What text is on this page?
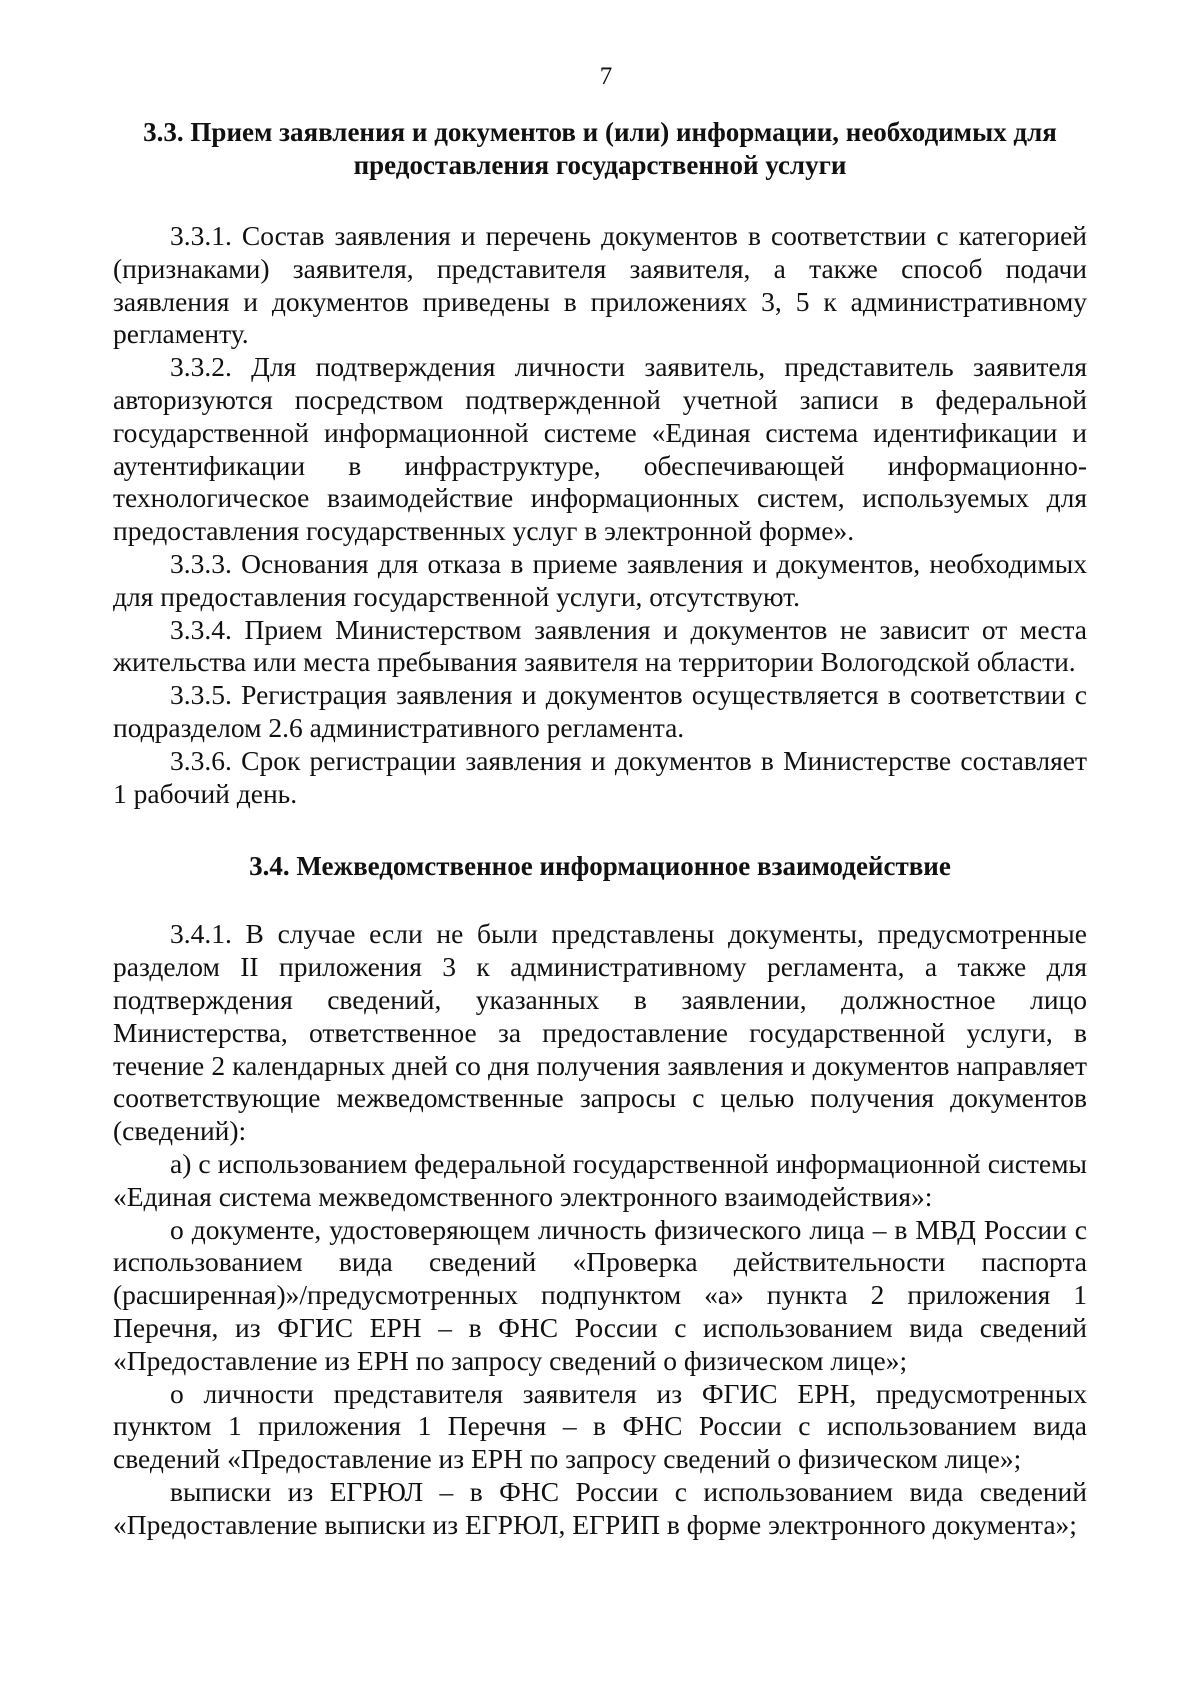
7
3.3. Прием заявления и документов и (или) информации, необходимых для предоставления государственной услуги

3.3.1. Состав заявления и перечень документов в соответствии с категорией (признаками) заявителя, представителя заявителя, а также способ подачи заявления и документов приведены в приложениях 3, 5 к административному регламенту.

3.3.2. Для подтверждения личности заявитель, представитель заявителя авторизуются посредством подтвержденной учетной записи в федеральной государственной информационной системе «Единая система идентификации и аутентификации в инфраструктуре, обеспечивающей информационно-технологическое взаимодействие информационных систем, используемых для предоставления государственных услуг в электронной форме».

3.3.3. Основания для отказа в приеме заявления и документов, необходимых для предоставления государственной услуги, отсутствуют.

3.3.4. Прием Министерством заявления и документов не зависит от места жительства или места пребывания заявителя на территории Вологодской области.

3.3.5. Регистрация заявления и документов осуществляется в соответствии с подразделом 2.6 административного регламента.

3.3.6. Срок регистрации заявления и документов в Министерстве составляет 1 рабочий день.

3.4. Межведомственное информационное взаимодействие

3.4.1. В случае если не были представлены документы, предусмотренные разделом II приложения 3 к административному регламента, а также для подтверждения сведений, указанных в заявлении, должностное лицо Министерства, ответственное за предоставление государственной услуги, в течение 2 календарных дней со дня получения заявления и документов направляет соответствующие межведомственные запросы с целью получения документов (сведений):

а) с использованием федеральной государственной информационной системы «Единая система межведомственного электронного взаимодействия»:

о документе, удостоверяющем личность физического лица – в МВД России с использованием вида сведений «Проверка действительности паспорта (расширенная)»/предусмотренных подпунктом «а» пункта 2 приложения 1 Перечня, из ФГИС ЕРН – в ФНС России с использованием вида сведений «Предоставление из ЕРН по запросу сведений о физическом лице»;

о личности представителя заявителя из ФГИС ЕРН, предусмотренных пунктом 1 приложения 1 Перечня – в ФНС России с использованием вида сведений «Предоставление из ЕРН по запросу сведений о физическом лице»;

выписки из ЕГРЮЛ – в ФНС России с использованием вида сведений «Предоставление выписки из ЕГРЮЛ, ЕГРИП в форме электронного документа»;
